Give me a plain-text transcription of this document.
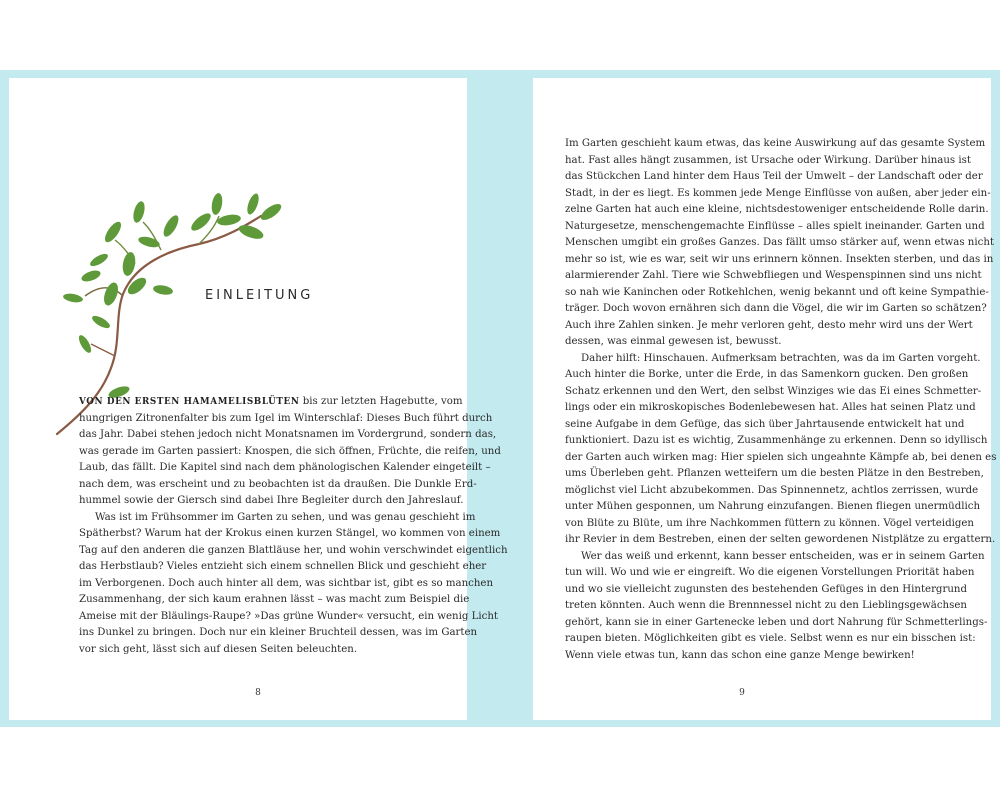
EINLEITUNG
VON DEN ERSTEN HAMAMELISBLÜTEN bis zur letzten Hagebutte, vom
hungrigen Zitronenfalter bis zum Igel im Winterschlaf: Dieses Buch führt durch
das Jahr. Dabei stehen jedoch nicht Monatsnamen im Vordergrund, sondern das,
was gerade im Garten passiert: Knospen, die sich öffnen, Früchte, die reifen, und
Laub, das fällt. Die Kapitel sind nach dem phänologischen Kalender eingeteilt –
nach dem, was erscheint und zu beobachten ist da draußen. Die Dunkle Erd-
hummel sowie der Giersch sind dabei Ihre Begleiter durch den Jahreslauf.
Was ist im Frühsommer im Garten zu sehen, und was genau geschieht im
Spätherbst? Warum hat der Krokus einen kurzen Stängel, wo kommen von einem
Tag auf den anderen die ganzen Blattläuse her, und wohin verschwindet eigentlich
das Herbstlaub? Vieles entzieht sich einem schnellen Blick und geschieht eher
im Verborgenen. Doch auch hinter all dem, was sichtbar ist, gibt es so manchen
Zusammenhang, der sich kaum erahnen lässt – was macht zum Beispiel die
Ameise mit der Bläulings-Raupe? »Das grüne Wunder« versucht, ein wenig Licht
ins Dunkel zu bringen. Doch nur ein kleiner Bruchteil dessen, was im Garten
vor sich geht, lässt sich auf diesen Seiten beleuchten.
8
Im Garten geschieht kaum etwas, das keine Auswirkung auf das gesamte System
hat. Fast alles hängt zusammen, ist Ursache oder Wirkung. Darüber hinaus ist
das Stückchen Land hinter dem Haus Teil der Umwelt – der Landschaft oder der
Stadt, in der es liegt. Es kommen jede Menge Einflüsse von außen, aber jeder ein-
zelne Garten hat auch eine kleine, nichtsdestoweniger entscheidende Rolle darin.
Naturgesetze, menschengemachte Einflüsse – alles spielt ineinander. Garten und
Menschen umgibt ein großes Ganzes. Das fällt umso stärker auf, wenn etwas nicht
mehr so ist, wie es war, seit wir uns erinnern können. Insekten sterben, und das in
alarmierender Zahl. Tiere wie Schwebfliegen und Wespenspinnen sind uns nicht
so nah wie Kaninchen oder Rotkehlchen, wenig bekannt und oft keine Sympathie-
träger. Doch wovon ernähren sich dann die Vögel, die wir im Garten so schätzen?
Auch ihre Zahlen sinken. Je mehr verloren geht, desto mehr wird uns der Wert
dessen, was einmal gewesen ist, bewusst.
Daher hilft: Hinschauen. Aufmerksam betrachten, was da im Garten vorgeht.
Auch hinter die Borke, unter die Erde, in das Samenkorn gucken. Den großen
Schatz erkennen und den Wert, den selbst Winziges wie das Ei eines Schmetter-
lings oder ein mikroskopisches Bodenlebewesen hat. Alles hat seinen Platz und
seine Aufgabe in dem Gefüge, das sich über Jahrtausende entwickelt hat und
funktioniert. Dazu ist es wichtig, Zusammenhänge zu erkennen. Denn so idyllisch
der Garten auch wirken mag: Hier spielen sich ungeahnte Kämpfe ab, bei denen es
ums Überleben geht. Pflanzen wetteifern um die besten Plätze in den Bestreben,
möglichst viel Licht abzubekommen. Das Spinnennetz, achtlos zerrissen, wurde
unter Mühen gesponnen, um Nahrung einzufangen. Bienen fliegen unermüdlich
von Blüte zu Blüte, um ihre Nachkommen füttern zu können. Vögel verteidigen
ihr Revier in dem Bestreben, einen der selten gewordenen Nistplätze zu ergattern.
Wer das weiß und erkennt, kann besser entscheiden, was er in seinem Garten
tun will. Wo und wie er eingreift. Wo die eigenen Vorstellungen Priorität haben
und wo sie vielleicht zugunsten des bestehenden Gefüges in den Hintergrund
treten könnten. Auch wenn die Brennnessel nicht zu den Lieblingsgewächsen
gehört, kann sie in einer Gartenecke leben und dort Nahrung für Schmetterlings-
raupen bieten. Möglichkeiten gibt es viele. Selbst wenn es nur ein bisschen ist:
Wenn viele etwas tun, kann das schon eine ganze Menge bewirken!
9
